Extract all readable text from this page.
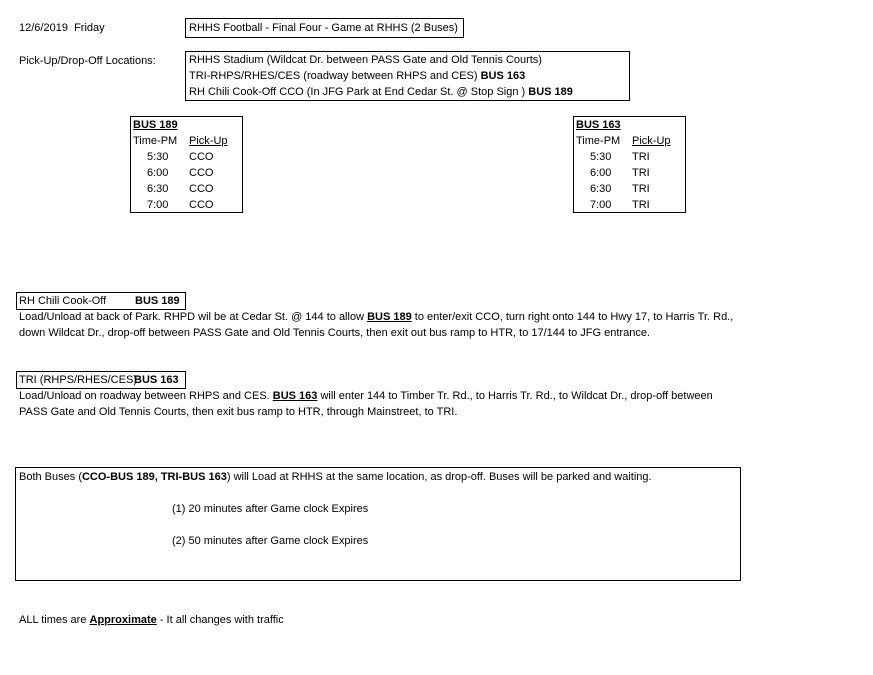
12/6/2019 Friday	RHHS Football - Final Four - Game at RHHS (2 Buses)
Pick-Up/Drop-Off Locations:	RHHS Stadium (Wildcat Dr. between PASS Gate and Old Tennis Courts)
TRI-RHPS/RHES/CES (roadway between RHPS and CES) BUS 163
RH Chili Cook-Off CCO (In JFG Park at End Cedar St. @ Stop Sign ) BUS 189
BUS 189
Time-PM Pick-Up
5:30 CCO
6:00 CCO
6:30 CCO
7:00 CCO
BUS 163
Time-PM Pick-Up
5:30 TRI
6:00 TRI
6:30 TRI
7:00 TRI
RH Chili Cook-Off	BUS 189
Load/Unload at back of Park. RHPD wil be at Cedar St. @ 144 to allow BUS 189 to enter/exit CCO, turn right onto 144 to Hwy 17, to Harris Tr. Rd.,
down Wildcat Dr., drop-off between PASS Gate and Old Tennis Courts, then exit out bus ramp to HTR, to 17/144 to JFG entrance.
TRI (RHPS/RHES/CES)
BUS 163
Load/Unload on roadway between RHPS and CES. BUS 163 will enter 144 to Timber Tr. Rd., to Harris Tr. Rd., to Wildcat Dr., drop-off between
PASS Gate and Old Tennis Courts, then exit bus ramp to HTR, through Mainstreet, to TRI.
Both Buses (CCO-BUS 189, TRI-BUS 163) will Load at RHHS at the same location, as drop-off. Buses will be parked and waiting.
(1) 20 minutes after Game clock Expires
(2) 50 minutes after Game clock Expires
ALL times are Approximate - It all changes with traffic
